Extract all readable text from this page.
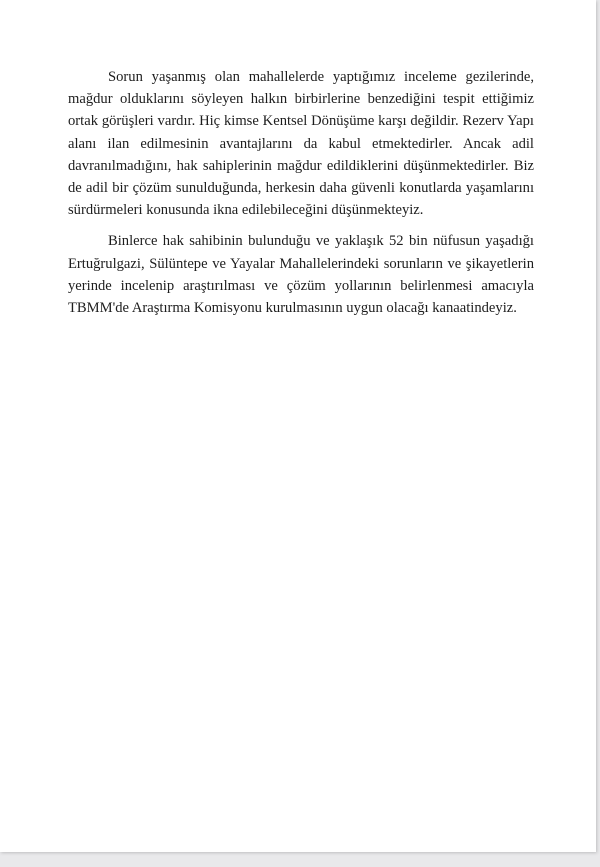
Sorun yaşanmış olan mahallelerde yaptığımız inceleme gezilerinde, mağdur olduklarını söyleyen halkın birbirlerine benzediğini tespit ettiğimiz ortak görüşleri vardır. Hiç kimse Kentsel Dönüşüme karşı değildir. Rezerv Yapı alanı ilan edilmesinin avantajlarını da kabul etmektedirler. Ancak adil davranılmadığını, hak sahiplerinin mağdur edildiklerini düşünmektedirler. Biz de adil bir çözüm sunulduğunda, herkesin daha güvenli konutlarda yaşamlarını sürdürmeleri konusunda ikna edilebileceğini düşünmekteyiz.

Binlerce hak sahibinin bulunduğu ve yaklaşık 52 bin nüfusun yaşadığı Ertuğrulgazi, Sülüntepe ve Yayalar Mahallelerindeki sorunların ve şikayetlerin yerinde incelenip araştırılması ve çözüm yollarının belirlenmesi amacıyla TBMM'de Araştırma Komisyonu kurulmasının uygun olacağı kanaatindeyiz.
